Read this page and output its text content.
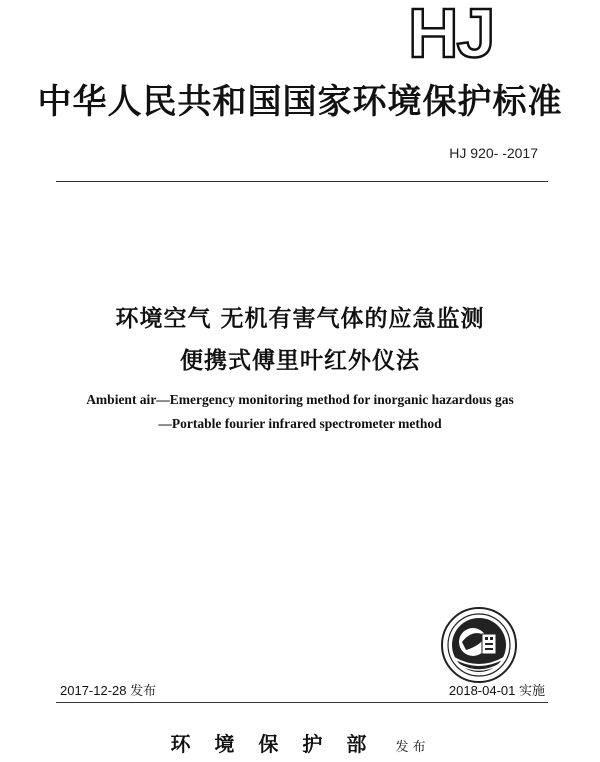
HJ
中华人民共和国国家环境保护标准
HJ 920- -2017
环境空气 无机有害气体的应急监测
便携式傅里叶红外仪法
Ambient air—Emergency monitoring method for inorganic hazardous gas
—Portable fourier infrared spectrometer method
2017-12-28 发布	2018-04-01 实施
环境保护部 发布
